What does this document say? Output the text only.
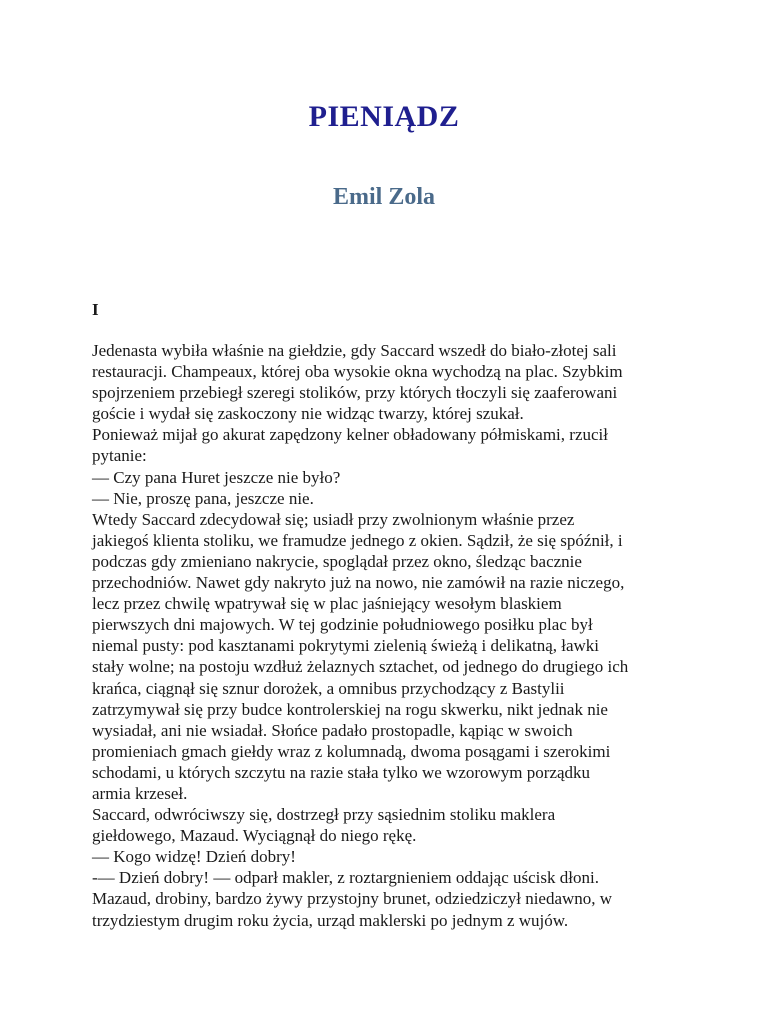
PIENIĄDZ
Emil Zola
I
Jedenasta wybiła właśnie na giełdzie, gdy Saccard wszedł do biało-złotej sali
restauracji. Champeaux, której oba wysokie okna wychodzą na plac. Szybkim
spojrzeniem przebiegł szeregi stolików, przy których tłoczyli się zaaferowani
goście i wydał się zaskoczony nie widząc twarzy, której szukał.
Ponieważ mijał go akurat zapędzony kelner obładowany półmiskami, rzucił
pytanie:
— Czy pana Huret jeszcze nie było?
— Nie, proszę pana, jeszcze nie.
Wtedy Saccard zdecydował się; usiadł przy zwolnionym właśnie przez
jakiegoś klienta stoliku, we framudze jednego z okien. Sądził, że się spóźnił, i
podczas gdy zmieniano nakrycie, spoglądał przez okno, śledząc bacznie
przechodniów. Nawet gdy nakryto już na nowo, nie zamówił na razie niczego,
lecz przez chwilę wpatrywał się w plac jaśniejący wesołym blaskiem
pierwszych dni majowych. W tej godzinie południowego posiłku plac był
niemal pusty: pod kasztanami pokrytymi zielenią świeżą i delikatną, ławki
stały wolne; na postoju wzdłuż żelaznych sztachet, od jednego do drugiego ich
krańca, ciągnął się sznur dorożek, a omnibus przychodzący z Bastylii
zatrzymywał się przy budce kontrolerskiej na rogu skwerku, nikt jednak nie
wysiadał, ani nie wsiadał. Słońce padało prostopadle, kąpiąc w swoich
promieniach gmach giełdy wraz z kolumnadą, dwoma posągami i szerokimi
schodami, u których szczytu na razie stała tylko we wzorowym porządku
armia krzeseł.
Saccard, odwróciwszy się, dostrzegł przy sąsiednim stoliku maklera
giełdowego, Mazaud. Wyciągnął do niego rękę.
— Kogo widzę! Dzień dobry!
-— Dzień dobry! — odparł makler, z roztargnieniem oddając uścisk dłoni.
Mazaud, drobiny, bardzo żywy przystojny brunet, odziedziczył niedawno, w
trzydziestym drugim roku życia, urząd maklerski po jednym z wujów.
